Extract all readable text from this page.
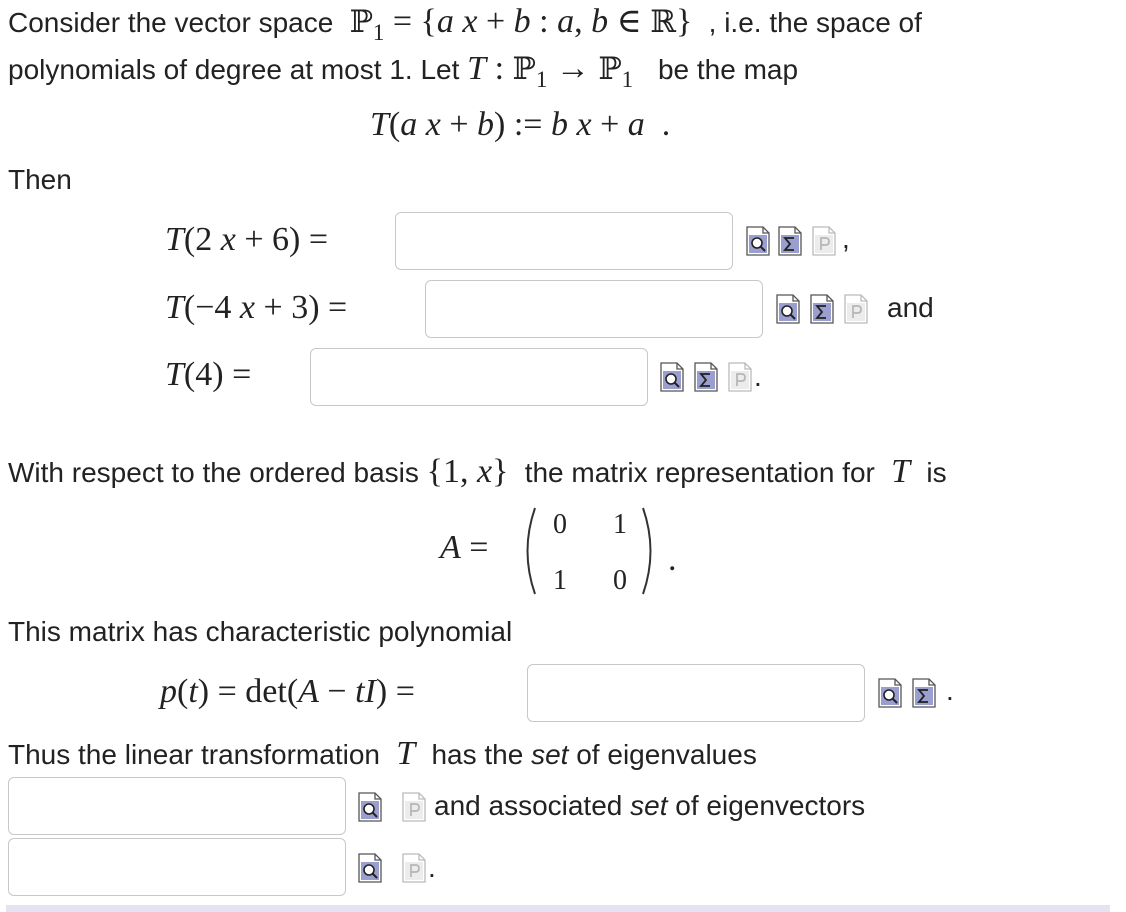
Consider the vector space ℙ$_1$ = {a x + b : a, b ∈ ℝ}  , i.e. the space of
polynomials of degree at most 1. Let T : ℙ$_1$ → ℙ$_1$ be the map
T(a x + b) := b x + a  .
Then
T(2 x + 6) =	,
T(−4 x + 3) =	and
T(4) =	.
With respect to the ordered basis {1, x}  the matrix representation for  T  is
A =
0 1
1 0
.
This matrix has characteristic polynomial
p(t) = det(A − tI) =	.
Thus the linear transformation  T  has the set of eigenvalues
and associated set of eigenvectors
.
